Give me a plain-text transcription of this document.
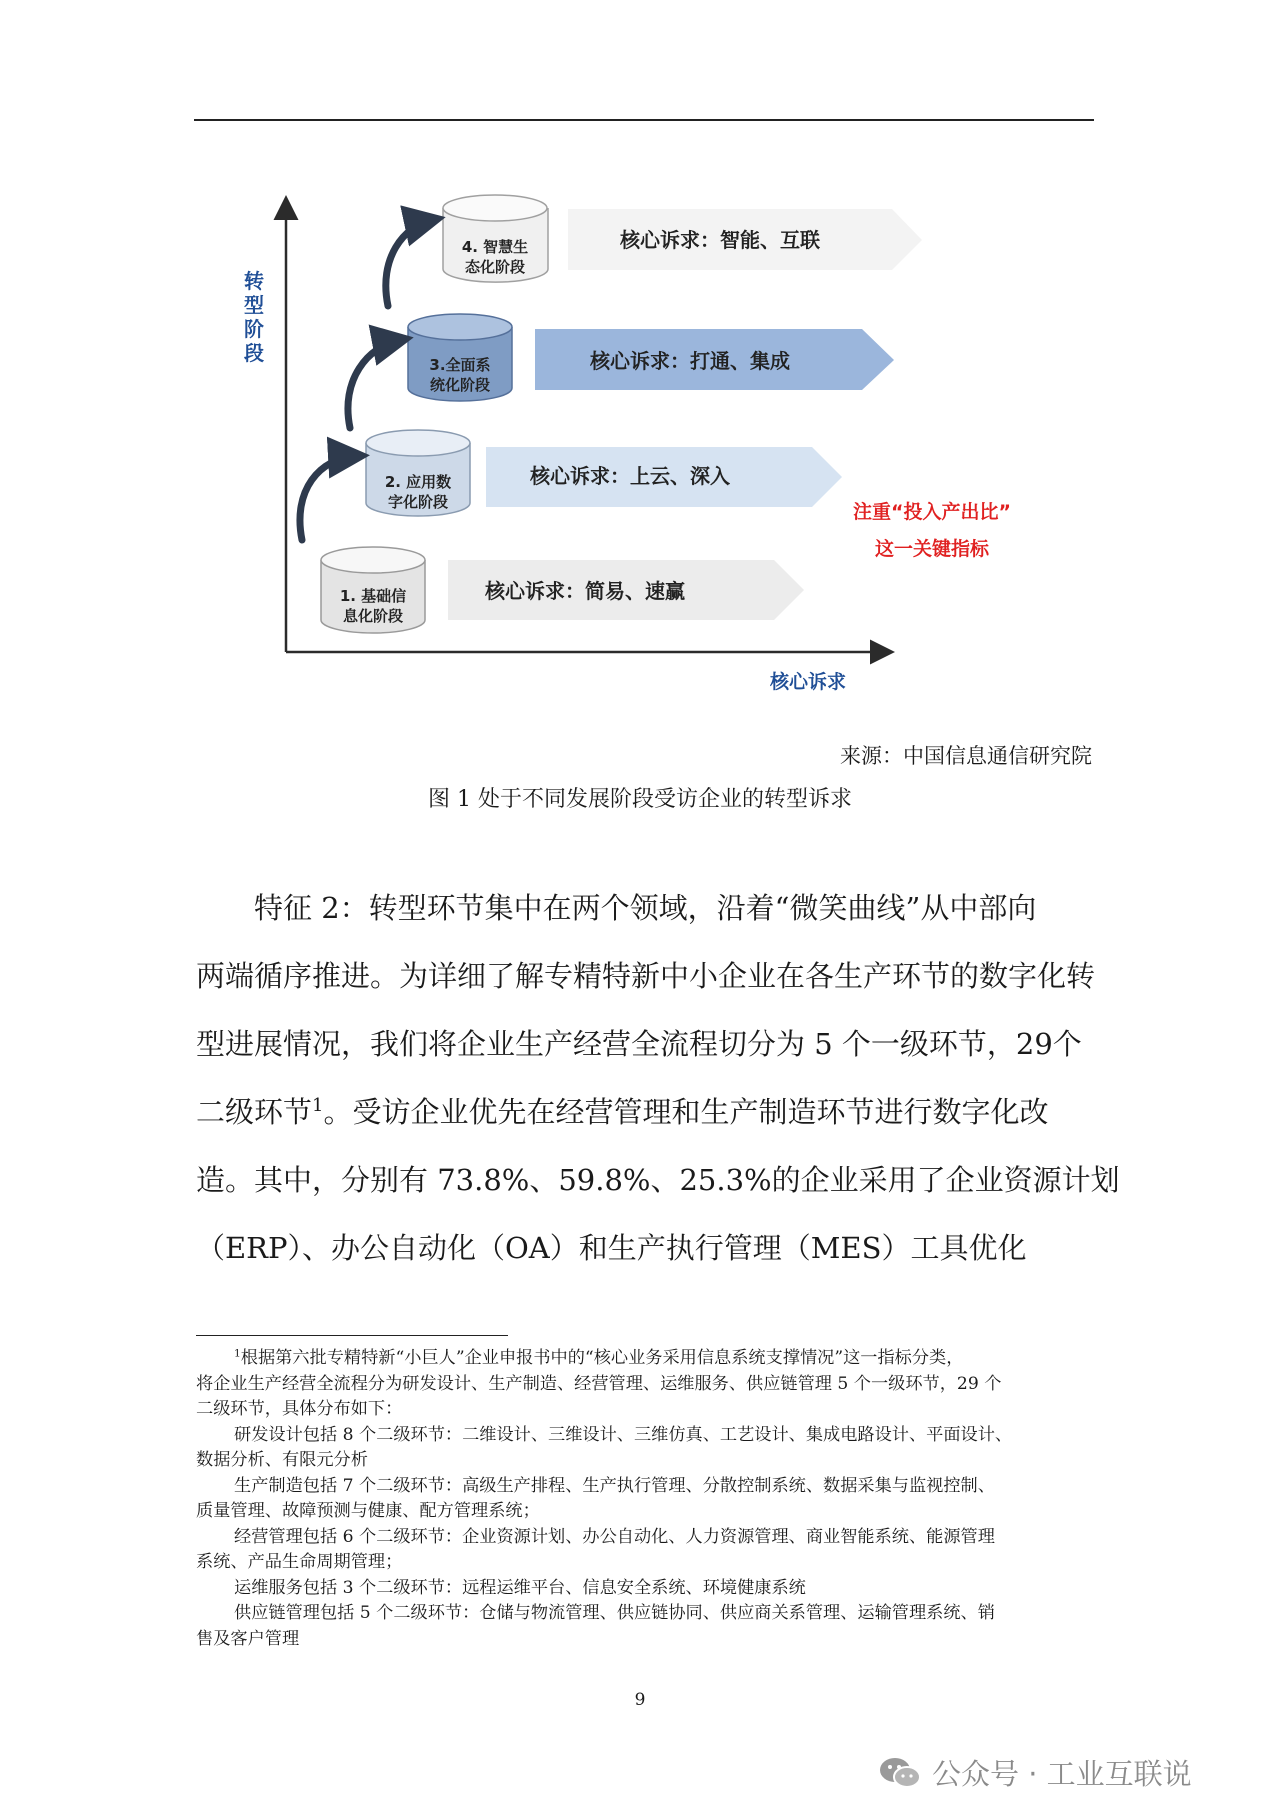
转
型
阶
段
核心诉求
核心诉求：简易、速赢
1. 基础信
息化阶段
核心诉求：上云、深入
2. 应用数
字化阶段
核心诉求：打通、集成
3.全面系
统化阶段
核心诉求：智能、互联
4. 智慧生
态化阶段
注重“投入产出比”
这一关键指标
来源：中国信息通信研究院
图 1 处于不同发展阶段受访企业的转型诉求
特征 2：转型环节集中在两个领域，沿着“微笑曲线”从中部向
两端循序推进。为详细了解专精特新中小企业在各生产环节的数字化转
型进展情况，我们将企业生产经营全流程切分为 5 个一级环节，29个
二级环节$^1$。受访企业优先在经营管理和生产制造环节进行数字化改
造。其中，分别有 73.8%、59.8%、25.3%的企业采用了企业资源计划
（ERP）、办公自动化（OA）和生产执行管理（MES）工具优化
$^1$根据第六批专精特新“小巨人”企业申报书中的“核心业务采用信息系统支撑情况”这一指标分类，
将企业生产经营全流程分为研发设计、生产制造、经营管理、运维服务、供应链管理 5 个一级环节，29 个
二级环节，具体分布如下：
研发设计包括 8 个二级环节：二维设计、三维设计、三维仿真、工艺设计、集成电路设计、平面设计、
数据分析、有限元分析
生产制造包括 7 个二级环节：高级生产排程、生产执行管理、分散控制系统、数据采集与监视控制、
质量管理、故障预测与健康、配方管理系统；
经营管理包括 6 个二级环节：企业资源计划、办公自动化、人力资源管理、商业智能系统、能源管理
系统、产品生命周期管理；
运维服务包括 3 个二级环节：远程运维平台、信息安全系统、环境健康系统
供应链管理包括 5 个二级环节：仓储与物流管理、供应链协同、供应商关系管理、运输管理系统、销
售及客户管理
9
公众号 · 工业互联说
